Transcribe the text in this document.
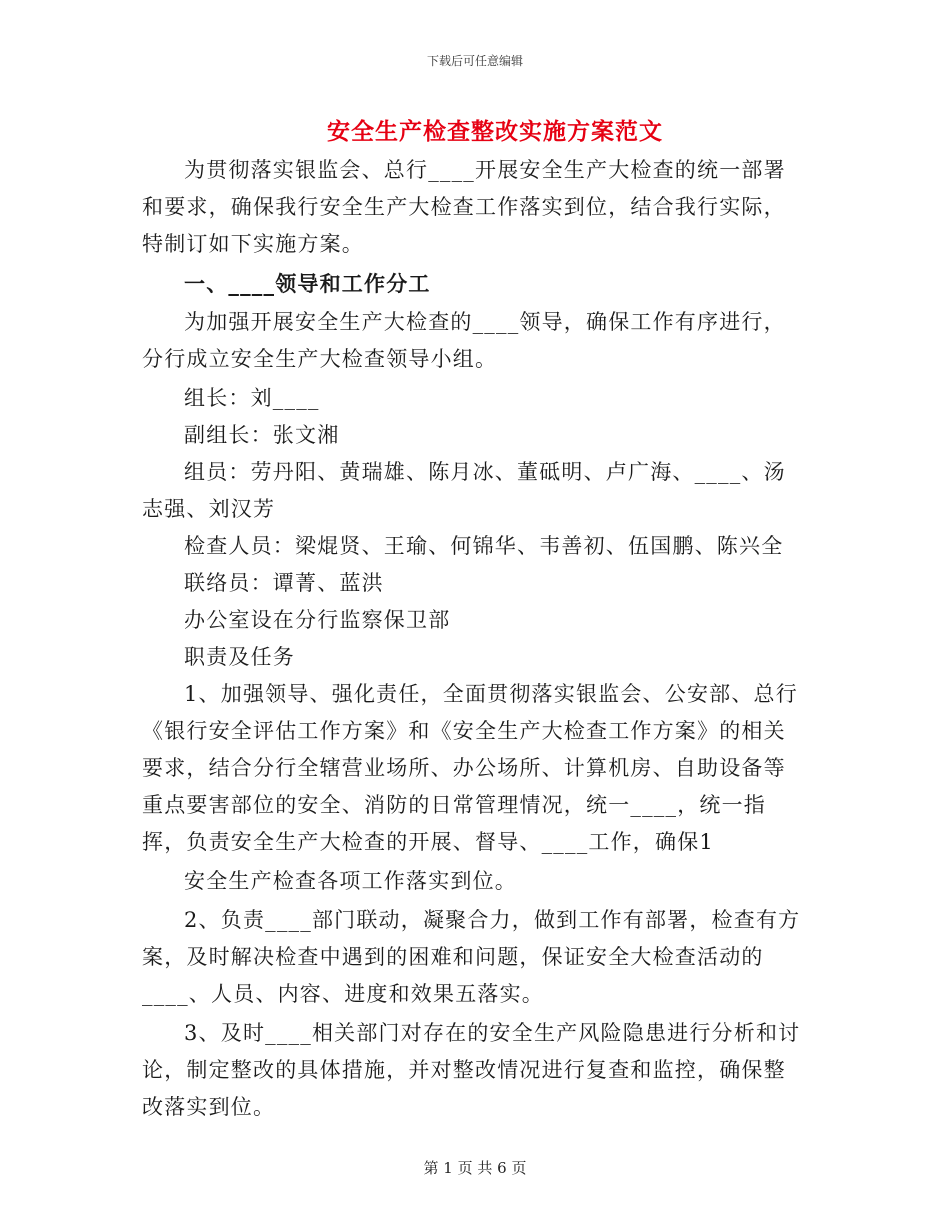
下载后可任意编辑
安全生产检查整改实施方案范文

为贯彻落实银监会、总行____开展安全生产大检查的统一部署和要求，确保我行安全生产大检查工作落实到位，结合我行实际，特制订如下实施方案。

一、____领导和工作分工

为加强开展安全生产大检查的____领导，确保工作有序进行，分行成立安全生产大检查领导小组。

组长：刘____

副组长：张文湘

组员：劳丹阳、黄瑞雄、陈月冰、董砥明、卢广海、____、汤志强、刘汉芳

检查人员：梁焜贤、王瑜、何锦华、韦善初、伍国鹏、陈兴全

联络员：谭菁、蓝洪

办公室设在分行监察保卫部

职责及任务

1、加强领导、强化责任，全面贯彻落实银监会、公安部、总行《银行安全评估工作方案》和《安全生产大检查工作方案》的相关要求，结合分行全辖营业场所、办公场所、计算机房、自助设备等重点要害部位的安全、消防的日常管理情况，统一____，统一指挥，负责安全生产大检查的开展、督导、____工作，确保1

安全生产检查各项工作落实到位。

2、负责____部门联动，凝聚合力，做到工作有部署，检查有方案，及时解决检查中遇到的困难和问题，保证安全大检查活动的____、人员、内容、进度和效果五落实。

3、及时____相关部门对存在的安全生产风险隐患进行分析和讨论，制定整改的具体措施，并对整改情况进行复查和监控，确保整改落实到位。

第 1 页 共 6 页
